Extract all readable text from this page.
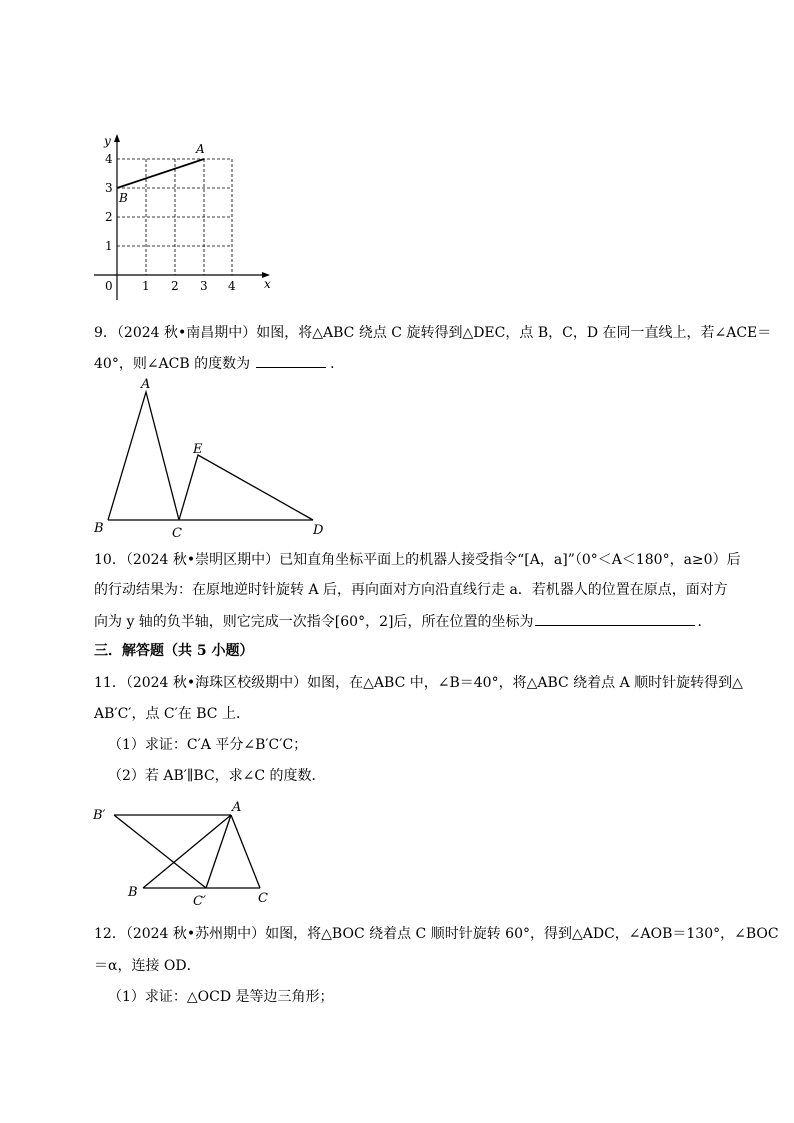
y
x
0 1 2 3 4
1
2
3
4
A
B
9．（2024 秋•南昌期中）如图，将△ABC 绕点 C 旋转得到△DEC，点 B，C，D 在同一直线上，若∠ACE＝
40°，则∠ACB 的度数为	．
A
E
B	C	D
10．（2024 秋•崇明区期中）已知直角坐标平面上的机器人接受指令“[A，a]”（0°＜A＜180°，a≥0）后
的行动结果为：在原地逆时针旋转 A 后，再向面对方向沿直线行走 a．若机器人的位置在原点，面对方
向为 y 轴的负半轴，则它完成一次指令[60°，2]后，所在位置的坐标为	．
三．解答题（共 5 小题）
11．（2024 秋•海珠区校级期中）如图，在△ABC 中，∠B＝40°，将△ABC 绕着点 A 顺时针旋转得到△
AB′C′，点 C′在 BC 上．
（1）求证：C′A 平分∠B′C′C；
（2）若 AB′∥BC，求∠C 的度数．
B′
A
B
C′	C
12．（2024 秋•苏州期中）如图，将△BOC 绕着点 C 顺时针旋转 60°，得到△ADC，∠AOB＝130°，∠BOC
＝α，连接 OD．
（1）求证：△OCD 是等边三角形；
